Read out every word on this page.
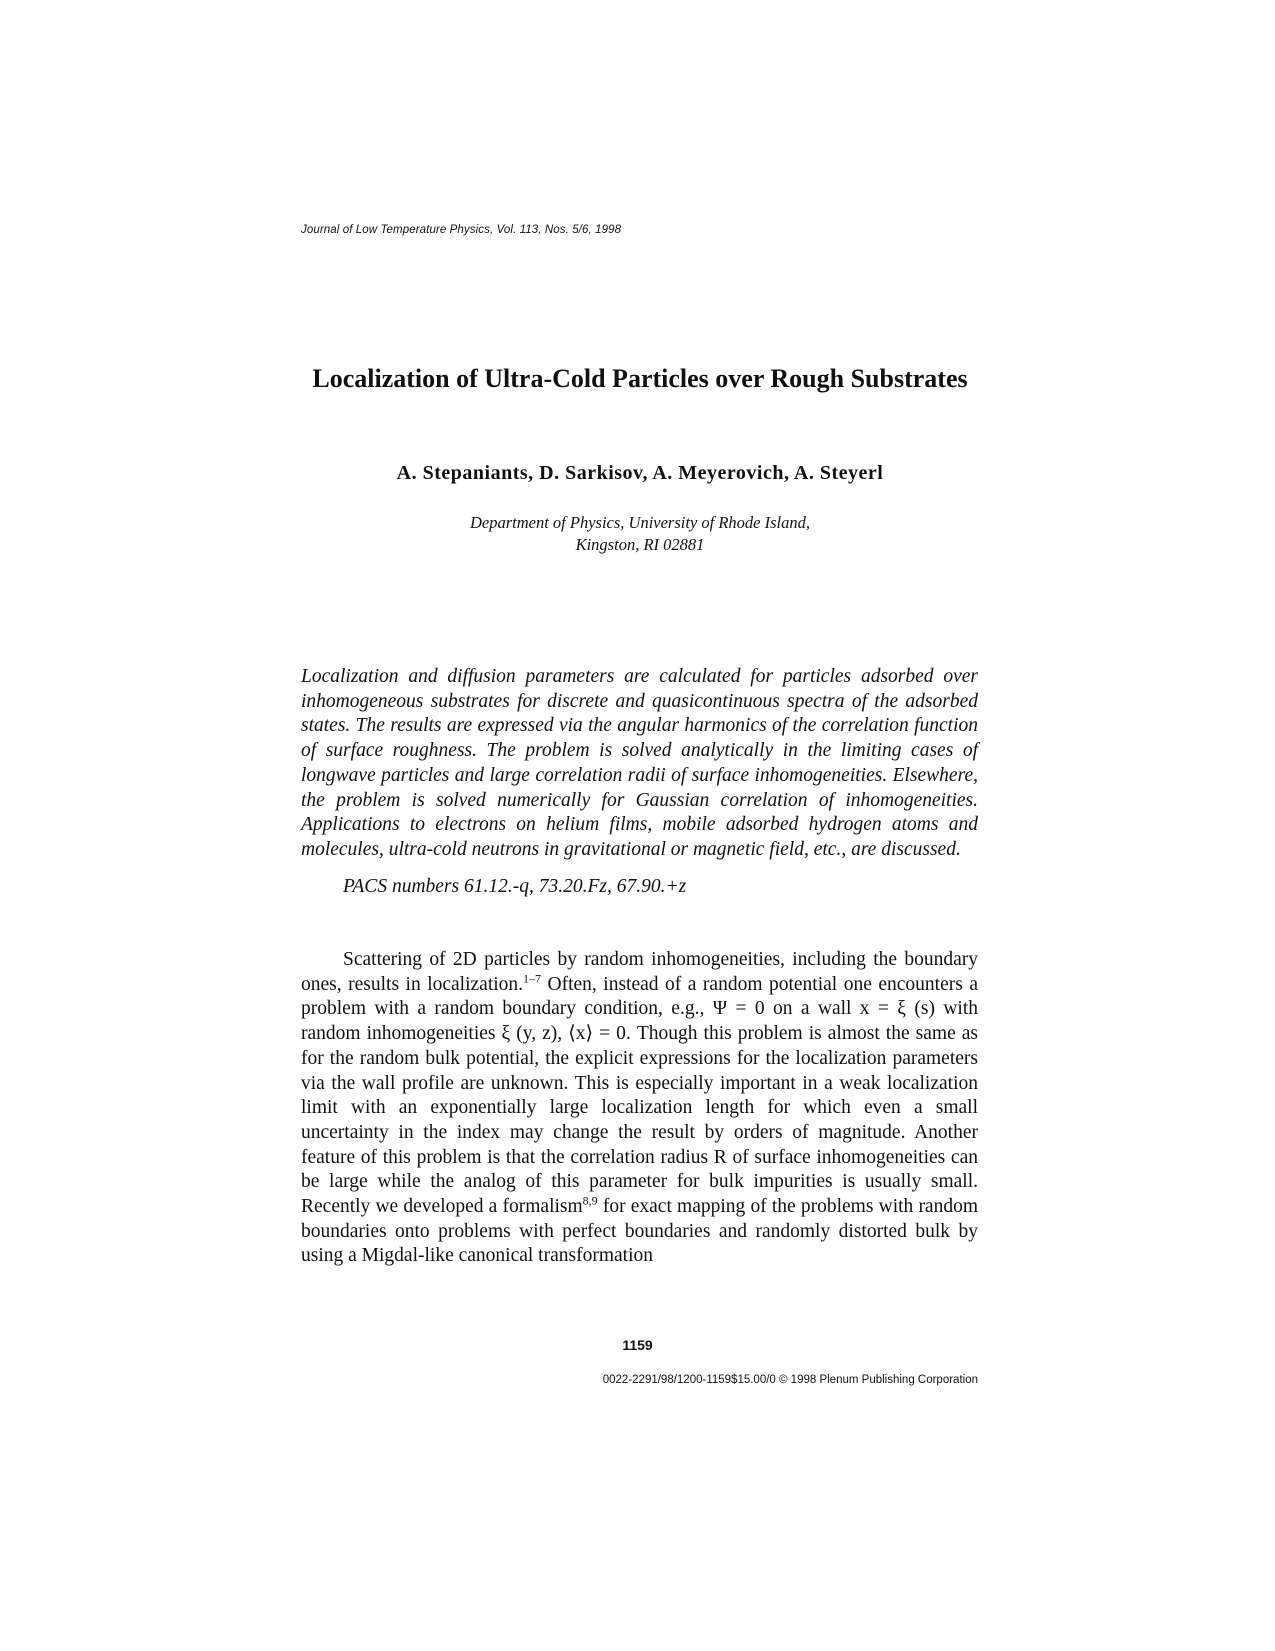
Journal of Low Temperature Physics, Vol. 113, Nos. 5/6, 1998
Localization of Ultra-Cold Particles over Rough Substrates
A. Stepaniants, D. Sarkisov, A. Meyerovich, A. Steyerl
Department of Physics, University of Rhode Island,
Kingston, RI 02881
Localization and diffusion parameters are calculated for particles adsorbed over inhomogeneous substrates for discrete and quasicontinuous spectra of the adsorbed states. The results are expressed via the angular harmonics of the correlation function of surface roughness. The problem is solved analytically in the limiting cases of longwave particles and large correlation radii of surface inhomogeneities. Elsewhere, the problem is solved numerically for Gaussian correlation of inhomogeneities. Applications to electrons on helium films, mobile adsorbed hydrogen atoms and molecules, ultra-cold neutrons in gravitational or magnetic field, etc., are discussed.
PACS numbers 61.12.-q, 73.20.Fz, 67.90.+z
Scattering of 2D particles by random inhomogeneities, including the boundary ones, results in localization.$^{1-7}$ Often, instead of a random potential one encounters a problem with a random boundary condition, e.g., Ψ = 0 on a wall x = ξ (s) with random inhomogeneities ξ (y, z), ⟨x⟩ = 0. Though this problem is almost the same as for the random bulk potential, the explicit expressions for the localization parameters via the wall profile are unknown. This is especially important in a weak localization limit with an exponentially large localization length for which even a small uncertainty in the index may change the result by orders of magnitude. Another feature of this problem is that the correlation radius R of surface inhomogeneities can be large while the analog of this parameter for bulk impurities is usually small. Recently we developed a formalism$^{8,9}$ for exact mapping of the problems with random boundaries onto problems with perfect boundaries and randomly distorted bulk by using a Migdal-like canonical transformation
1159
0022-2291/98/1200-1159$15.00/0 © 1998 Plenum Publishing Corporation
